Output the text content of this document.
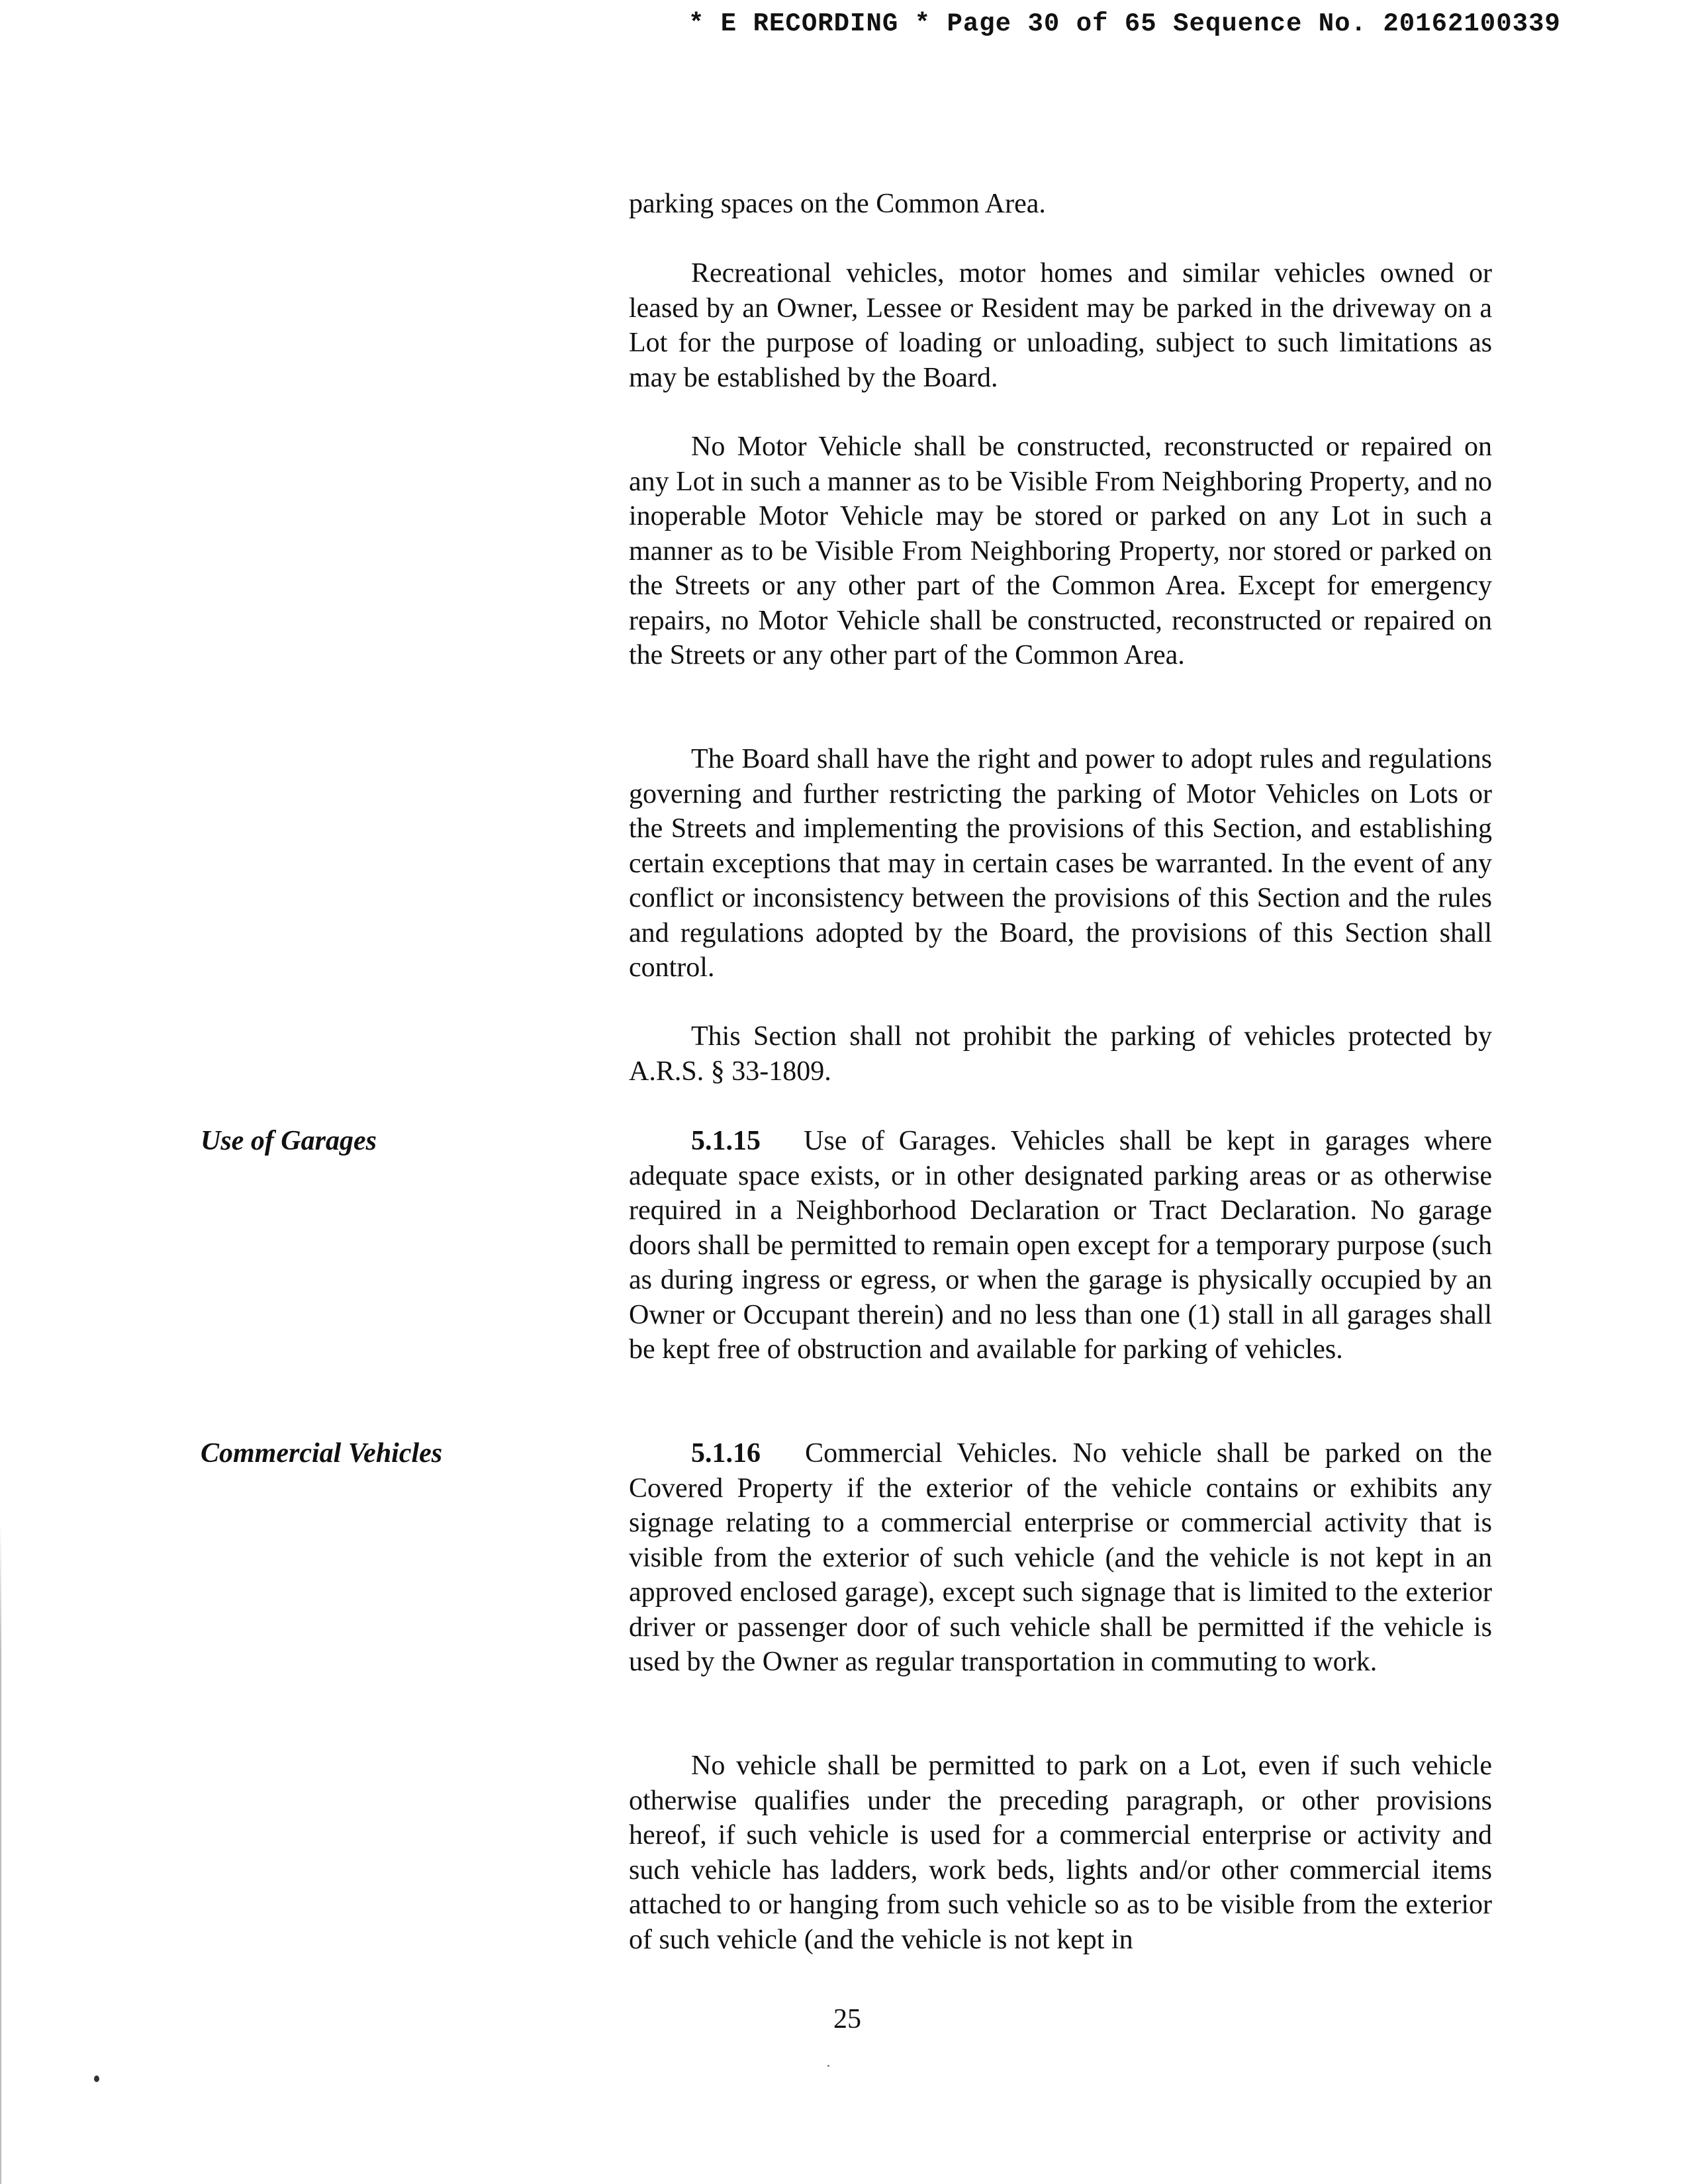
* E RECORDING * Page 30 of 65 Sequence No. 20162100339

parking spaces on the Common Area.

Recreational vehicles, motor homes and similar vehicles owned or leased by an Owner, Lessee or Resident may be parked in the driveway on a Lot for the purpose of loading or unloading, subject to such limitations as may be established by the Board.

No Motor Vehicle shall be constructed, reconstructed or repaired on any Lot in such a manner as to be Visible From Neighboring Property, and no inoperable Motor Vehicle may be stored or parked on any Lot in such a manner as to be Visible From Neighboring Property, nor stored or parked on the Streets or any other part of the Common Area. Except for emergency repairs, no Motor Vehicle shall be constructed, reconstructed or repaired on the Streets or any other part of the Common Area.

The Board shall have the right and power to adopt rules and regulations governing and further restricting the parking of Motor Vehicles on Lots or the Streets and implementing the provisions of this Section, and establishing certain exceptions that may in certain cases be warranted. In the event of any conflict or inconsistency between the provisions of this Section and the rules and regulations adopted by the Board, the provisions of this Section shall control.

This Section shall not prohibit the parking of vehicles protected by A.R.S. § 33-1809.

Use of Garages	5.1.15 Use of Garages. Vehicles shall be kept in garages where adequate space exists, or in other designated parking areas or as otherwise required in a Neighborhood Declaration or Tract Declaration. No garage doors shall be permitted to remain open except for a temporary purpose (such as during ingress or egress, or when the garage is physically occupied by an Owner or Occupant therein) and no less than one (1) stall in all garages shall be kept free of obstruction and available for parking of vehicles.

Commercial Vehicles	5.1.16 Commercial Vehicles. No vehicle shall be parked on the Covered Property if the exterior of the vehicle contains or exhibits any signage relating to a commercial enterprise or commercial activity that is visible from the exterior of such vehicle (and the vehicle is not kept in an approved enclosed garage), except such signage that is limited to the exterior driver or passenger door of such vehicle shall be permitted if the vehicle is used by the Owner as regular transportation in commuting to work.

No vehicle shall be permitted to park on a Lot, even if such vehicle otherwise qualifies under the preceding paragraph, or other provisions hereof, if such vehicle is used for a commercial enterprise or activity and such vehicle has ladders, work beds, lights and/or other commercial items attached to or hanging from such vehicle so as to be visible from the exterior of such vehicle (and the vehicle is not kept in

25
